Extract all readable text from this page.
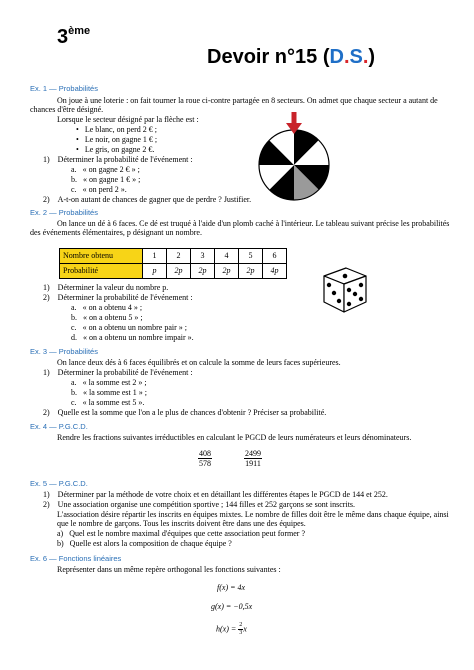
3ème
Devoir n°15 (D.S.)
Ex. 1 — Probabilités
On joue à une loterie : on fait tourner la roue ci-contre partagée en 8 secteurs. On admet que chaque secteur a autant de chances d'être désigné.
Lorsque le secteur désigné par la flèche est :
•   Le blanc, on perd 2 € ;
•   Le noir, on gagne 1 € ;
•   Le gris, on gagne 2 €.
1)    Déterminer la probabilité de l'événement :
a.   « on gagne 2 € » ;
b.   « on gagne 1 € » ;
c.   « on perd 2 ».
2)    A-t-on autant de chances de gagner que de perdre ? Justifier.
Ex. 2 — Probabilités
On lance un dé à 6 faces. Ce dé est truqué à l'aide d'un plomb caché à l'intérieur. Le tableau suivant précise les probabilités des événements élémentaires, p désignant un nombre.
Nombre obtenu	1	2	3	4	5	6
Probabilité	p	2p	2p	2p	2p	4p
1)    Déterminer la valeur du nombre p.
2)    Déterminer la probabilité de l'événement :
a.   « on a obtenu 4 » ;
b.   « on a obtenu 5 » ;
c.   « on a obtenu un nombre pair » ;
d.   « on a obtenu un nombre impair ».
Ex. 3 — Probabilités
On lance deux dés à 6 faces équilibrés et on calcule la somme de leurs faces supérieures.
1)    Déterminer la probabilité de l'événement :
a.   « la somme est 2 » ;
b.   « la somme est 1 » ;
c.   « la somme est 5 ».
2)    Quelle est la somme que l'on a le plus de chances d'obtenir ? Préciser sa probabilité.
Ex. 4 — P.G.C.D.
Rendre les fractions suivantes irréductibles en calculant le PGCD de leurs numérateurs et leurs dénominateurs.
$\frac{408}{578}$	$\frac{2499}{1911}$
Ex. 5 — P.G.C.D.
1)    Déterminer par la méthode de votre choix et en détaillant les différentes étapes le PGCD de 144 et 252.
2)    Une association organise une compétition sportive ; 144 filles et 252 garçons se sont inscrits.
L'association désire répartir les inscrits en équipes mixtes. Le nombre de filles doit être le même dans chaque équipe, ainsi que le nombre de garçons. Tous les inscrits doivent être dans une des équipes.
a)   Quel est le nombre maximal d'équipes que cette association peut former ?
b)   Quelle est alors la composition de chaque équipe ?
Ex. 6 — Fonctions linéaires
Représenter dans un même repère orthogonal les fonctions suivantes :
f(x) = 4x
g(x) = −0,5x
$h(x) = \frac{2}{3}$ x
